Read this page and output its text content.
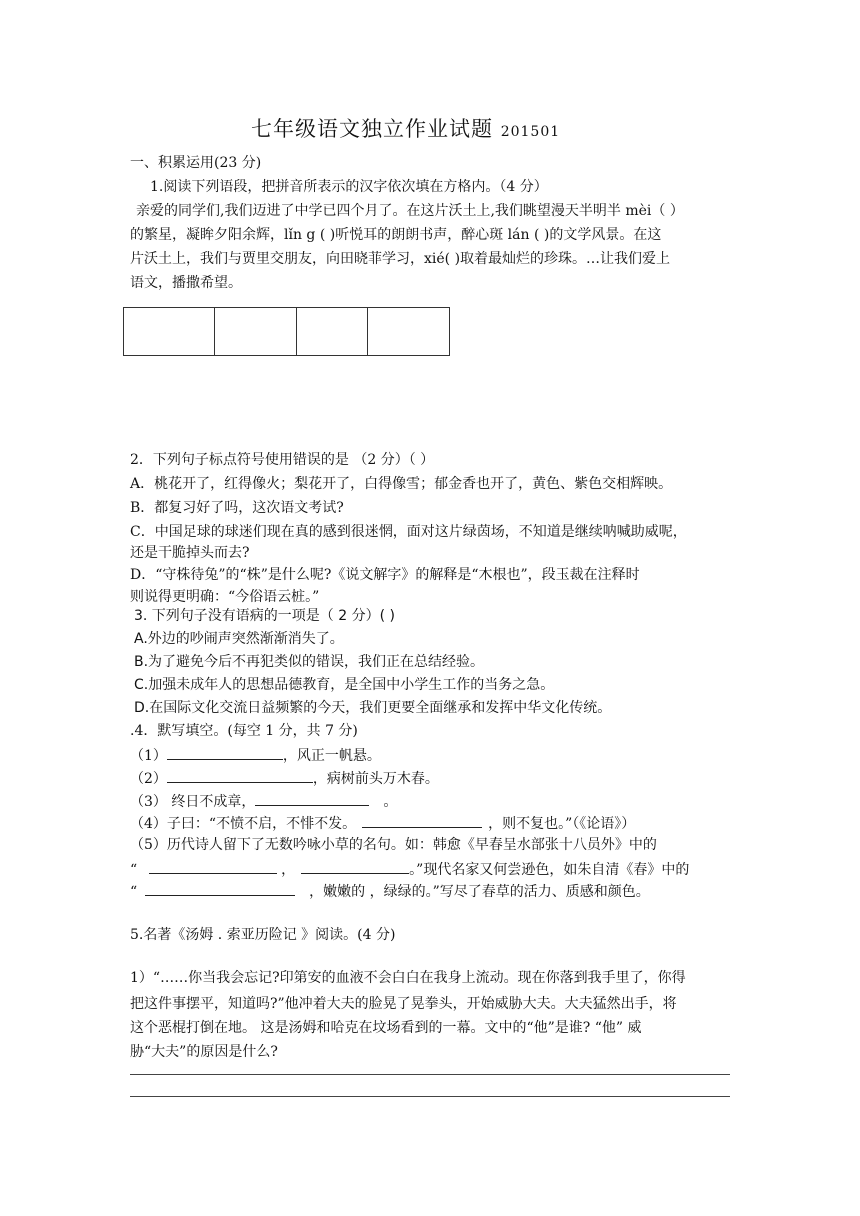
七年级语文独立作业试题 201501
一、积累运用(23 分)
1.阅读下列语段，把拼音所表示的汉字依次填在方格内。（4 分）
亲爱的同学们,我们迈进了中学已四个月了。在这片沃土上,我们眺望漫天半明半 mèi（ ）
的繁星，凝眸夕阳余辉，lǐn g ( )听悦耳的朗朗书声，醉心斑 lán ( )的文学风景。在这
片沃土上，我们与贾里交朋友，向田晓菲学习，xié( )取着最灿烂的珍珠。…让我们爱上
语文，播撒希望。
2．下列句子标点符号使用错误的是 （2 分）（ ）
A．桃花开了，红得像火；梨花开了，白得像雪；郁金香也开了，黄色、紫色交相辉映。
B．都复习好了吗，这次语文考试?
C．中国足球的球迷们现在真的感到很迷惘，面对这片绿茵场，不知道是继续呐喊助威呢，
还是干脆掉头而去?
D．“守株待兔”的“株”是什么呢?《说文解字》的解释是“木根也”，段玉裁在注释时
则说得更明确：“今俗语云桩。”
3. 下列句子没有语病的一项是（ 2 分）( )
A.外边的吵闹声突然渐渐消失了。
B.为了避免今后不再犯类似的错误，我们正在总结经验。
C.加强未成年人的思想品德教育，是全国中小学生工作的当务之急。
D.在国际文化交流日益频繁的今天，我们更要全面继承和发挥中华文化传统。
.4．默写填空。(每空 1 分，共 7 分)
（1）	，风正一帆悬。
（2）	，病树前头万木春。
（3） 终日不成章，	。
（4）子曰：“不愤不启，不悱不发。	，则不复也。”（《论语》）
（5）历代诗人留下了无数吟咏小草的名句。如：韩愈《早春呈水部张十八员外》中的
“	，	。”现代名家又何尝逊色，如朱自清《春》中的
“	，嫩嫩的 ，绿绿的。”写尽了春草的活力、质感和颜色。
5.名著《汤姆 . 索亚历险记 》阅读。(4 分)
1）“……你当我会忘记?印第安的血液不会白白在我身上流动。现在你落到我手里了，你得
把这件事摆平，知道吗?”他冲着大夫的脸晃了晃拳头，开始威胁大夫。大夫猛然出手，将
这个恶棍打倒在地。 这是汤姆和哈克在坟场看到的一幕。文中的“他”是谁? “他” 威
胁“大夫”的原因是什么?
